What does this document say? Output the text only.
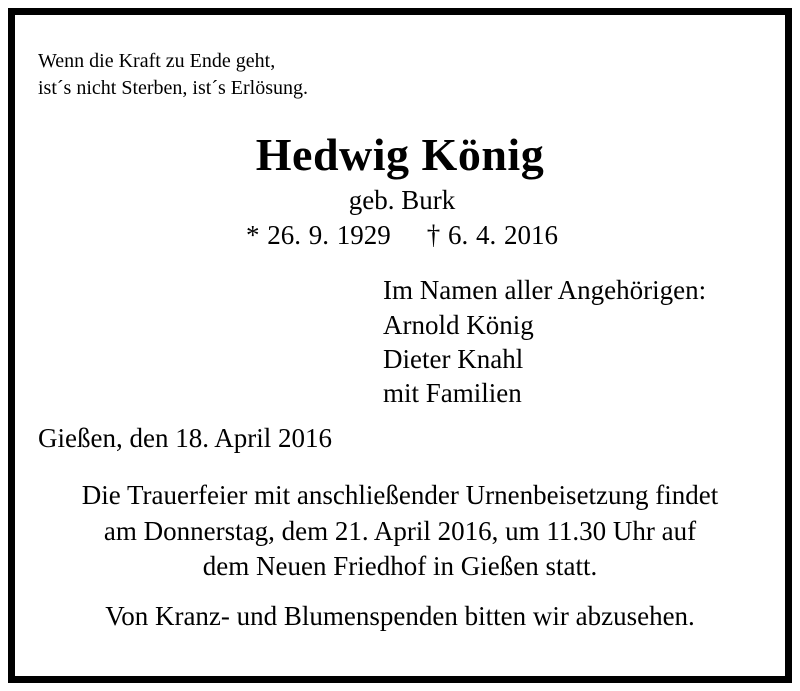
Wenn die Kraft zu Ende geht,
ist´s nicht Sterben, ist´s Erlösung.
Hedwig König
geb. Burk
* 26. 9. 1929 † 6. 4. 2016
Im Namen aller Angehörigen:
Arnold König
Dieter Knahl
mit Familien
Gießen, den 18. April 2016
Die Trauerfeier mit anschließender Urnenbeisetzung findet
am Donnerstag, dem 21. April 2016, um 11.30 Uhr auf
dem Neuen Friedhof in Gießen statt.
Von Kranz- und Blumenspenden bitten wir abzusehen.
